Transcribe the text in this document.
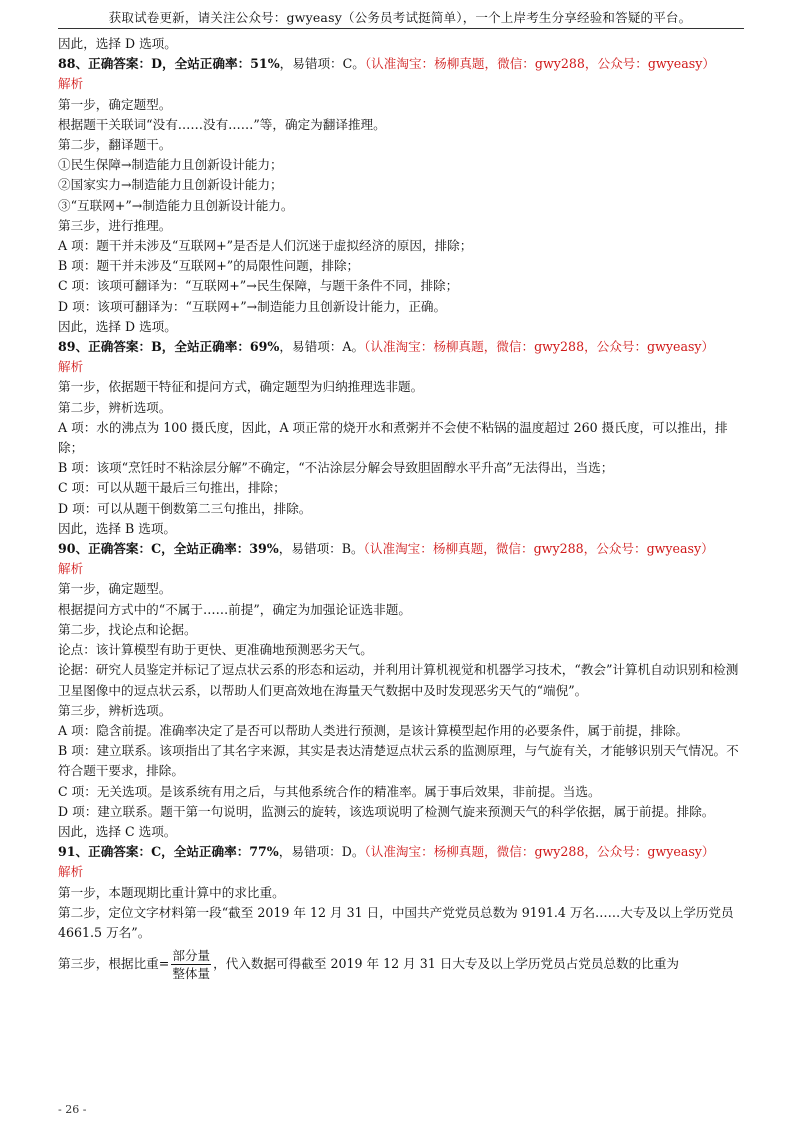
获取试卷更新，请关注公众号：gwyeasy（公务员考试挺简单），一个上岸考生分享经验和答疑的平台。
因此，选择 D 选项。
88、正确答案：D，全站正确率：51%，易错项：C。（认准淘宝：杨柳真题，微信：gwy288，公众号：gwyeasy）
解析
第一步，确定题型。
根据题干关联词“没有……没有……”等，确定为翻译推理。
第二步，翻译题干。
①民生保障→制造能力且创新设计能力；
②国家实力→制造能力且创新设计能力；
③“互联网+”→制造能力且创新设计能力。
第三步，进行推理。
A 项：题干并未涉及“互联网+”是否是人们沉迷于虚拟经济的原因，排除；
B 项：题干并未涉及“互联网+”的局限性问题，排除；
C 项：该项可翻译为：“互联网+”→民生保障，与题干条件不同，排除；
D 项：该项可翻译为：“互联网+”→制造能力且创新设计能力，正确。
因此，选择 D 选项。
89、正确答案：B，全站正确率：69%，易错项：A。（认准淘宝：杨柳真题，微信：gwy288，公众号：gwyeasy）
解析
第一步，依据题干特征和提问方式，确定题型为归纳推理选非题。
第二步，辨析选项。
A 项：水的沸点为 100 摄氏度，因此，A 项正常的烧开水和煮粥并不会使不粘锅的温度超过 260 摄氏度，可以推出，排除；
B 项：该项“烹饪时不粘涂层分解”不确定，“不沾涂层分解会导致胆固醇水平升高”无法得出，当选；
C 项：可以从题干最后三句推出，排除；
D 项：可以从题干倒数第二三句推出，排除。
因此，选择 B 选项。
90、正确答案：C，全站正确率：39%，易错项：B。（认准淘宝：杨柳真题，微信：gwy288，公众号：gwyeasy）
解析
第一步，确定题型。
根据提问方式中的“不属于……前提”，确定为加强论证选非题。
第二步，找论点和论据。
论点：该计算模型有助于更快、更准确地预测恶劣天气。
论据：研究人员鉴定并标记了逗点状云系的形态和运动，并利用计算机视觉和机器学习技术，“教会”计算机自动识别和检测卫星图像中的逗点状云系，以帮助人们更高效地在海量天气数据中及时发现恶劣天气的“端倪”。
第三步，辨析选项。
A 项：隐含前提。准确率决定了是否可以帮助人类进行预测，是该计算模型起作用的必要条件，属于前提，排除。
B 项：建立联系。该项指出了其名字来源，其实是表达清楚逗点状云系的监测原理，与气旋有关，才能够识别天气情况。不符合题干要求，排除。
C 项：无关选项。是该系统有用之后，与其他系统合作的精准率。属于事后效果，非前提。当选。
D 项：建立联系。题干第一句说明，监测云的旋转，该选项说明了检测气旋来预测天气的科学依据，属于前提。排除。
因此，选择 C 选项。
91、正确答案：C，全站正确率：77%，易错项：D。（认准淘宝：杨柳真题，微信：gwy288，公众号：gwyeasy）
解析
第一步，本题现期比重计算中的求比重。
第二步，定位文字材料第一段“截至 2019 年 12 月 31 日，中国共产党党员总数为 9191.4 万名……大专及以上学历党员 4661.5 万名”。
第三步，根据比重= $\frac{\text{部分量}}{\text{整体量}}$ ，代入数据可得截至 2019 年 12 月 31 日大专及以上学历党员占党员总数的比重为
- 26 -
